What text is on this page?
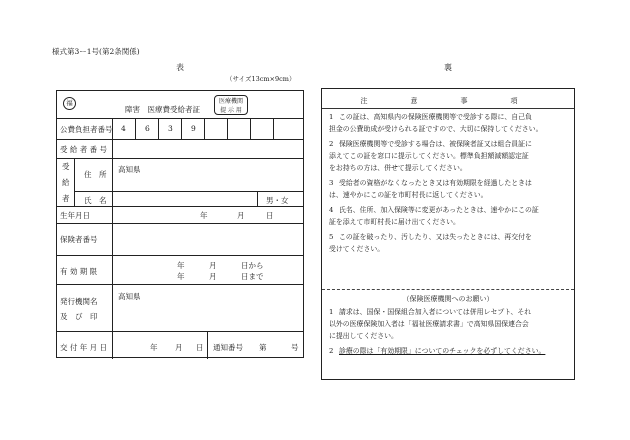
様式第3ー1号(第2条関係)
表	裏
（サイズ13cm×9cm）
福
障害　医療費受給者証
医療機関
提 示 用
公費負担者番号 4	6 3 9
受 給 者 番 号
受
給
者
住　所
高知県
氏　名	男・女
生年月日	年	月	日
保険者番号
有 効 期 限
年	月	日から
年	月	日まで
発行機関名
及　び　印
高知県
交 付 年 月 日	年 月 日 通知番号 第	号
注　意　事　項
1 この証は、高知県内の保険医療機関等で受診する際に、自己負
担金の公費助成が受けられる証ですので、大切に保持してください。
2 保険医療機関等で受診する場合は、被保険者証又は組合員証に
添えてこの証を窓口に提示してください。標準負担額減額認定証
をお持ちの方は、併せて提示してください。
3 受給者の資格がなくなったとき又は有効期限を経過したときは
は、速やかにこの証を市町村長に返してください。
4 氏名、住所、加入保険等に変更があったときは、速やかにこの証
証を添えて市町村長に届け出てください。
5 この証を破ったり、汚したり、又は失ったときには、再交付を
受けてください。
（保険医療機関へのお願い）
1 請求は、国保・国保組合加入者については併用レセプト、それ
以外の医療保険加入者は「福祉医療請求書」で高知県国保連合会
に提出してください。
2 診療の際は「有効期限」についてのチェックを必ずしてください。
